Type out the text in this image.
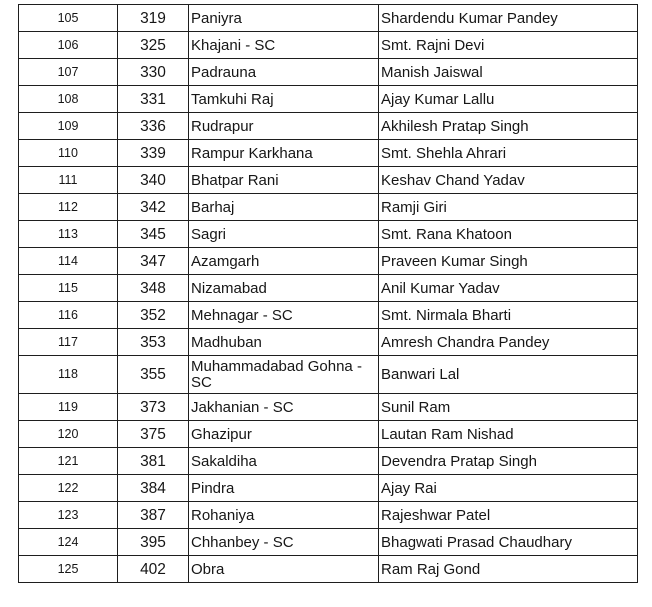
105	319	Paniyra	Shardendu Kumar Pandey
106	325	Khajani - SC	Smt. Rajni Devi
107	330	Padrauna	Manish Jaiswal
108	331	Tamkuhi Raj	Ajay Kumar Lallu
109	336	Rudrapur	Akhilesh Pratap Singh
110	339	Rampur Karkhana	Smt. Shehla Ahrari
111	340	Bhatpar Rani	Keshav Chand Yadav
112	342	Barhaj	Ramji Giri
113	345	Sagri	Smt. Rana Khatoon
114	347	Azamgarh	Praveen Kumar Singh
115	348	Nizamabad	Anil Kumar Yadav
116	352	Mehnagar - SC	Smt. Nirmala Bharti
117	353	Madhuban	Amresh Chandra Pandey
118	355	Muhammadabad Gohna - SC	Banwari Lal
119	373	Jakhanian - SC	Sunil Ram
120	375	Ghazipur	Lautan Ram Nishad
121	381	Sakaldiha	Devendra Pratap Singh
122	384	Pindra	Ajay Rai
123	387	Rohaniya	Rajeshwar Patel
124	395	Chhanbey - SC	Bhagwati Prasad Chaudhary
125	402	Obra	Ram Raj Gond
